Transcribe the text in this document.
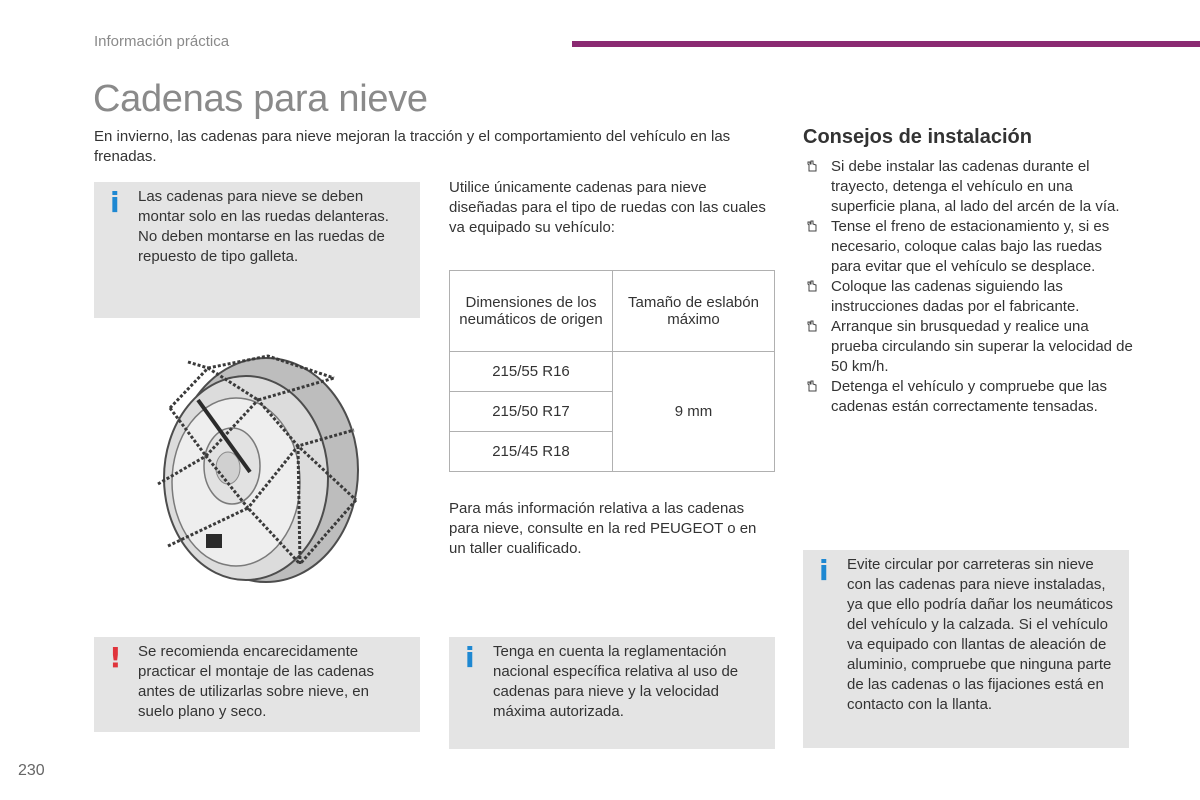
Información práctica
Cadenas para nieve
En invierno, las cadenas para nieve mejoran la tracción y el comportamiento del vehículo en las frenadas.
i Las cadenas para nieve se deben montar solo en las ruedas delanteras. No deben montarse en las ruedas de repuesto de tipo galleta.
! Se recomienda encarecidamente practicar el montaje de las cadenas antes de utilizarlas sobre nieve, en suelo plano y seco.
Utilice únicamente cadenas para nieve diseñadas para el tipo de ruedas con las cuales va equipado su vehículo:
Dimensiones de los neumáticos de origen	Tamaño de eslabón máximo
215/55 R16	9 mm
215/50 R17	
215/45 R18	
Para más información relativa a las cadenas para nieve, consulte en la red PEUGEOT o en un taller cualificado.
i Tenga en cuenta la reglamentación nacional específica relativa al uso de cadenas para nieve y la velocidad máxima autorizada.
Consejos de instalación
Si debe instalar las cadenas durante el trayecto, detenga el vehículo en una superficie plana, al lado del arcén de la vía.
Tense el freno de estacionamiento y, si es necesario, coloque calas bajo las ruedas para evitar que el vehículo se desplace.
Coloque las cadenas siguiendo las instrucciones dadas por el fabricante.
Arranque sin brusquedad y realice una prueba circulando sin superar la velocidad de 50 km/h.
Detenga el vehículo y compruebe que las cadenas están correctamente tensadas.
i Evite circular por carreteras sin nieve con las cadenas para nieve instaladas, ya que ello podría dañar los neumáticos del vehículo y la calzada. Si el vehículo va equipado con llantas de aleación de aluminio, compruebe que ninguna parte de las cadenas o las fijaciones está en contacto con la llanta.
230
